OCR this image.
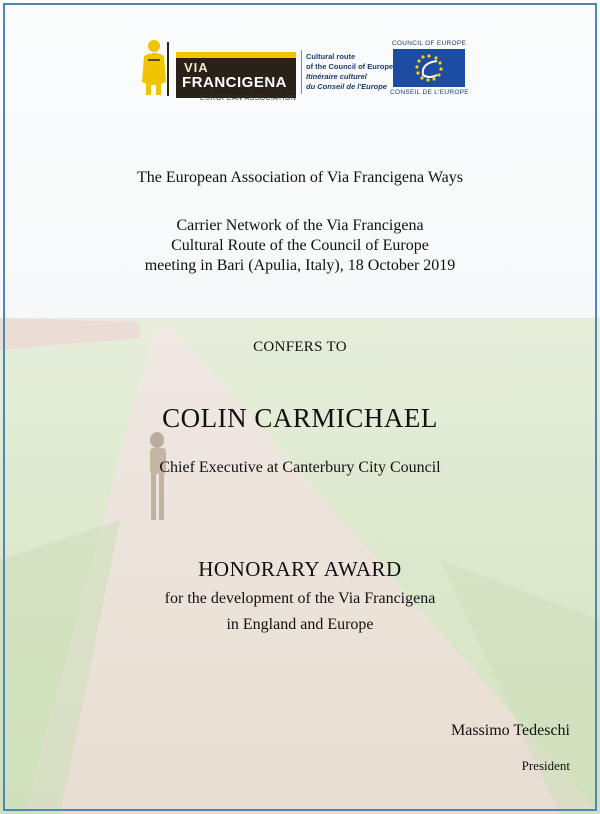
VIA
FRANCIGENA
EUROPEAN ASSOCIATION
Cultural route
of the Council of Europe
Itinéraire culturel
du Conseil de l'Europe
COUNCIL OF EUROPE
CONSEIL DE L'EUROPE
The European Association of Via Francigena Ways
Carrier Network of the Via Francigena
Cultural Route of the Council of Europe
meeting in Bari (Apulia, Italy), 18 October 2019
CONFERS TO
COLIN CARMICHAEL
Chief Executive at Canterbury City Council
HONORARY AWARD
for the development of the Via Francigena
in England and Europe
Massimo Tedeschi
President
